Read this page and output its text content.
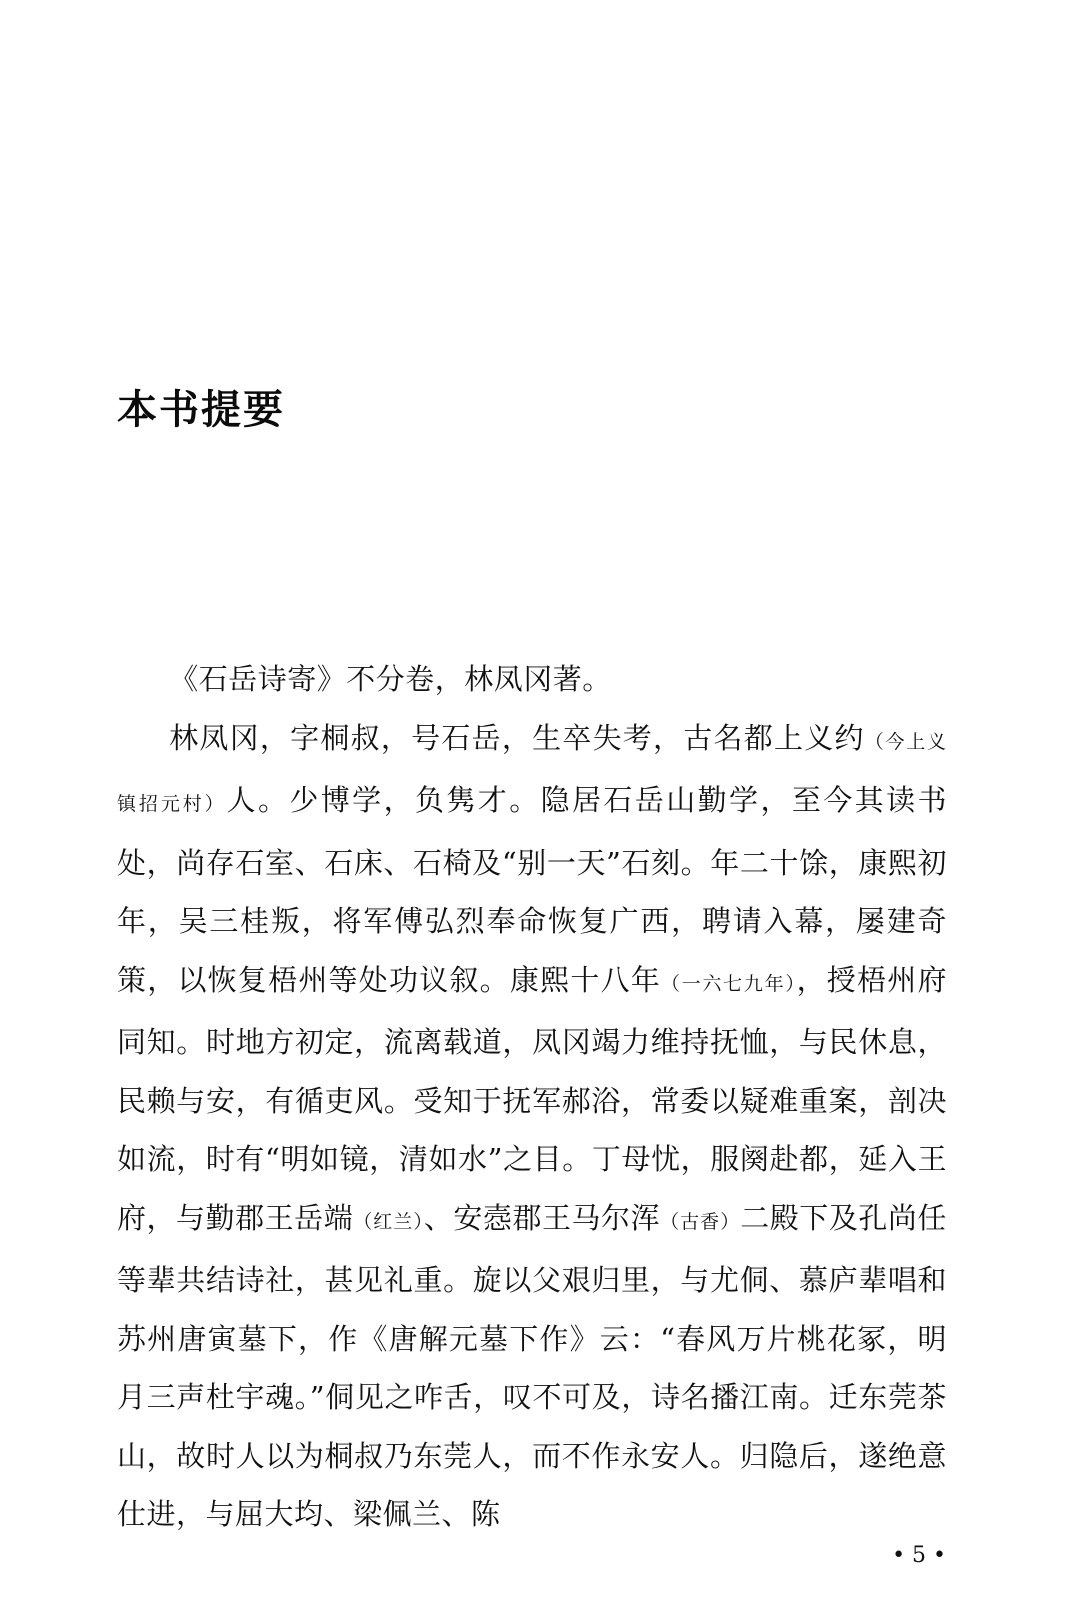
本书提要

《石岳诗寄》不分卷，林凤冈著。

林凤冈，字桐叔，号石岳，生卒失考，古名都上义约（今上义镇招元村）人。少博学，负隽才。隐居石岳山勤学，至今其读书处，尚存石室、石床、石椅及“别一天”石刻。年二十馀，康熙初年，吴三桂叛，将军傅弘烈奉命恢复广西，聘请入幕，屡建奇策，以恢复梧州等处功议叙。康熙十八年（一六七九年），授梧州府同知。时地方初定，流离载道，凤冈竭力维持抚恤，与民休息，民赖与安，有循吏风。受知于抚军郝浴，常委以疑难重案，剖决如流，时有“明如镜，清如水”之目。丁母忧，服阕赴都，延入王府，与勤郡王岳端（红兰）、安悫郡王马尔浑（古香）二殿下及孔尚任等辈共结诗社，甚见礼重。旋以父艰归里，与尤侗、慕庐辈唱和苏州唐寅墓下，作《唐解元墓下作》云：“春风万片桃花冢，明月三声杜宇魂。”侗见之咋舌，叹不可及，诗名播江南。迁东莞茶山，故时人以为桐叔乃东莞人，而不作永安人。归隐后，遂绝意仕进，与屈大均、梁佩兰、陈

• 5 •
